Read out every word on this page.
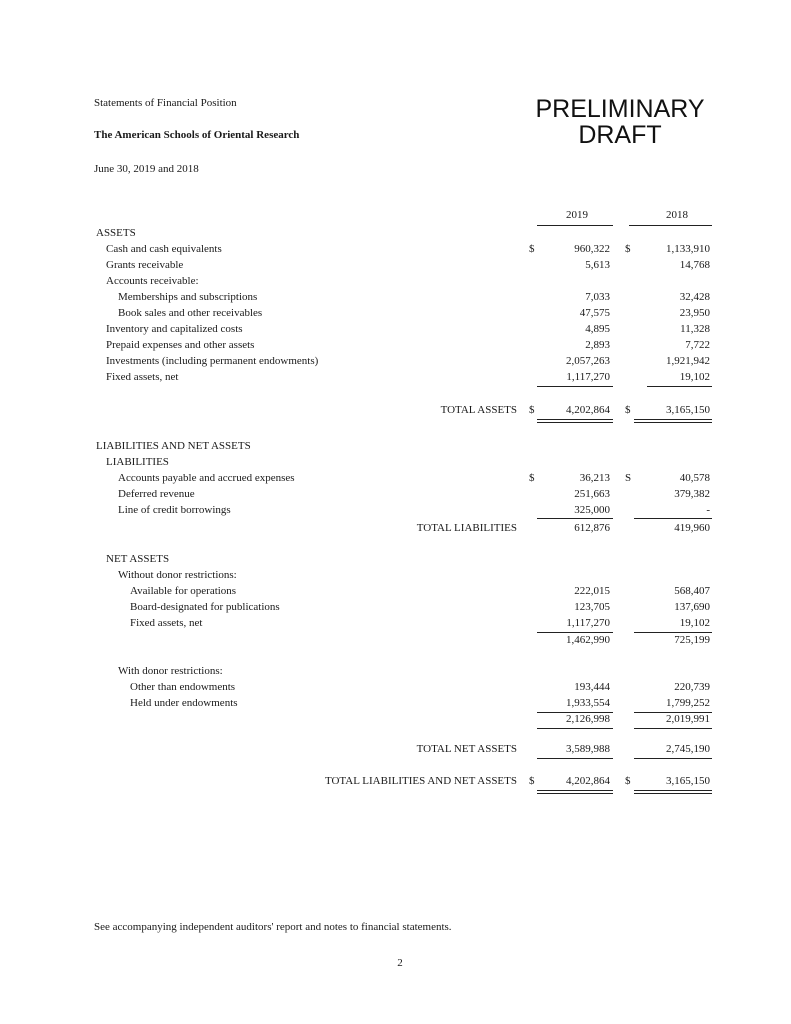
Statements of Financial Position
The American Schools of Oriental Research
June 30, 2019 and 2018
PRELIMINARY
DRAFT
2019	2018
ASSETS
Cash and cash equivalents	$	960,322 $	1,133,910
Grants receivable	5,613	14,768
Accounts receivable:
Memberships and subscriptions	7,033	32,428
Book sales and other receivables	47,575	23,950
Inventory and capitalized costs	4,895	11,328
Prepaid expenses and other assets	2,893	7,722
Investments (including permanent endowments)	2,057,263	1,921,942
Fixed assets, net	1,117,270	19,102
TOTAL ASSETS $	4,202,864 $	3,165,150
LIABILITIES AND NET ASSETS
LIABILITIES
Accounts payable and accrued expenses	$	36,213 S	40,578
Deferred revenue	251,663	379,382
Line of credit borrowings	325,000	-
TOTAL LIABILITIES	612,876	419,960
NET ASSETS
Without donor restrictions:
Available for operations	222,015	568,407
Board-designated for publications	123,705	137,690
Fixed assets, net	1,117,270	19,102
1,462,990	725,199
With donor restrictions:
Other than endowments	193,444	220,739
Held under endowments	1,933,554	1,799,252
2,126,998	2,019,991
TOTAL NET ASSETS	3,589,988	2,745,190
TOTAL LIABILITIES AND NET ASSETS $	4,202,864 $	3,165,150
See accompanying independent auditors' report and notes to financial statements.
2
